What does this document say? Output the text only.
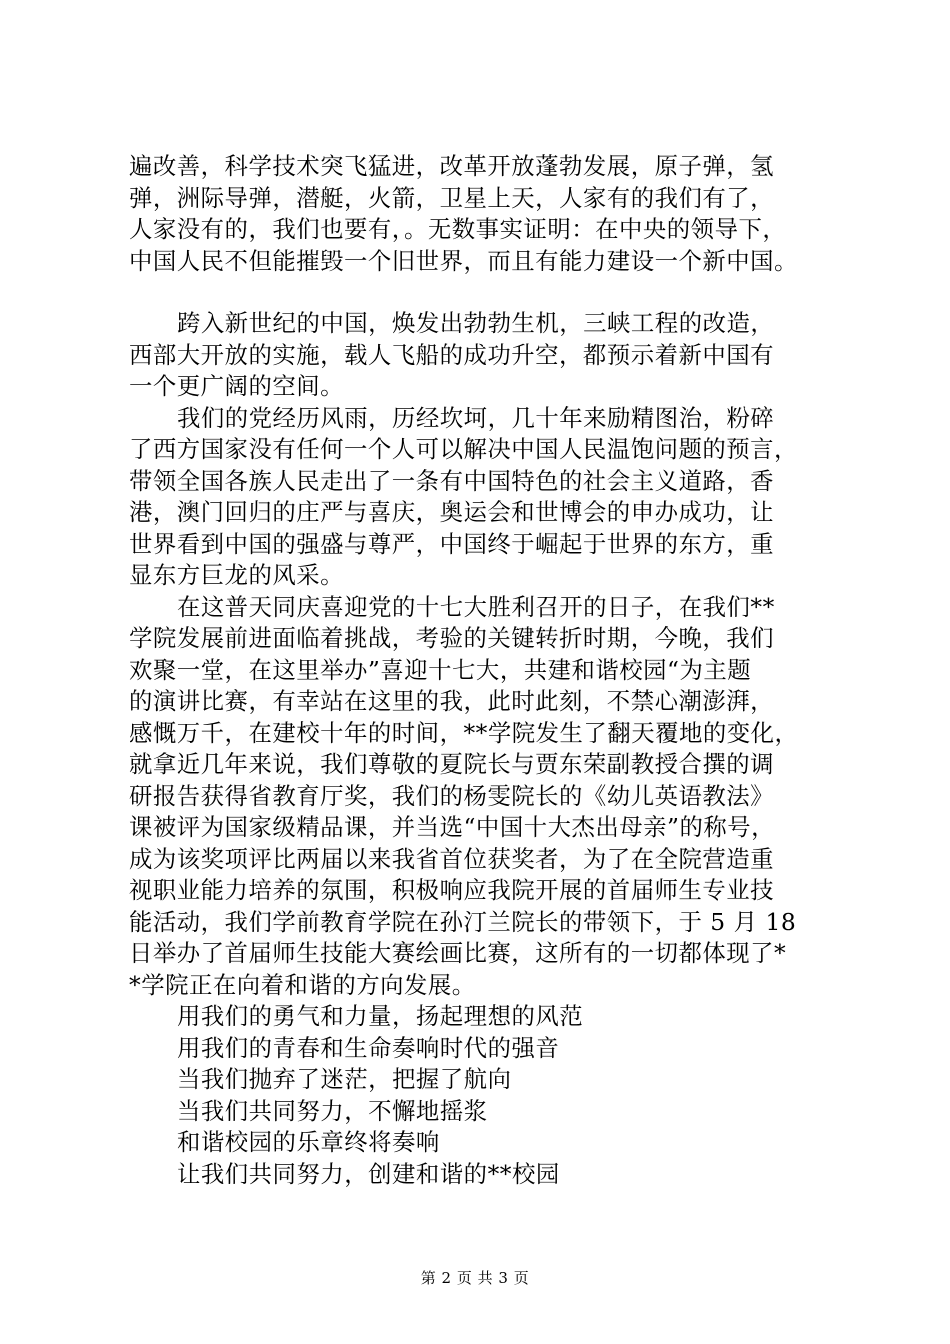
遍改善，科学技术突飞猛进，改革开放蓬勃发展，原子弹，氢
弹，洲际导弹，潜艇，火箭，卫星上天，人家有的我们有了，
人家没有的，我们也要有，。无数事实证明：在中央的领导下，
中国人民不但能摧毁一个旧世界，而且有能力建设一个新中国。
跨入新世纪的中国，焕发出勃勃生机，三峡工程的改造，
西部大开放的实施，载人飞船的成功升空，都预示着新中国有
一个更广阔的空间。
我们的党经历风雨，历经坎坷，几十年来励精图治，粉碎
了西方国家没有任何一个人可以解决中国人民温饱问题的预言，
带领全国各族人民走出了一条有中国特色的社会主义道路，香
港，澳门回归的庄严与喜庆，奥运会和世博会的申办成功，让
世界看到中国的强盛与尊严，中国终于崛起于世界的东方，重
显东方巨龙的风采。
在这普天同庆喜迎党的十七大胜利召开的日子，在我们**
学院发展前进面临着挑战，考验的关键转折时期，今晚，我们
欢聚一堂，在这里举办”喜迎十七大，共建和谐校园“为主题
的演讲比赛，有幸站在这里的我，此时此刻，不禁心潮澎湃，
感慨万千，在建校十年的时间，**学院发生了翻天覆地的变化，
就拿近几年来说，我们尊敬的夏院长与贾东荣副教授合撰的调
研报告获得省教育厅奖，我们的杨雯院长的《幼儿英语教法》
课被评为国家级精品课，并当选“中国十大杰出母亲”的称号，
成为该奖项评比两届以来我省首位获奖者，为了在全院营造重
视职业能力培养的氛围，积极响应我院开展的首届师生专业技
能活动，我们学前教育学院在孙汀兰院长的带领下，于 5 月 18
日举办了首届师生技能大赛绘画比赛，这所有的一切都体现了*
*学院正在向着和谐的方向发展。
用我们的勇气和力量，扬起理想的风范
用我们的青春和生命奏响时代的强音
当我们抛弃了迷茫，把握了航向
当我们共同努力，不懈地摇浆
和谐校园的乐章终将奏响
让我们共同努力，创建和谐的**校园
第 2 页 共 3 页
